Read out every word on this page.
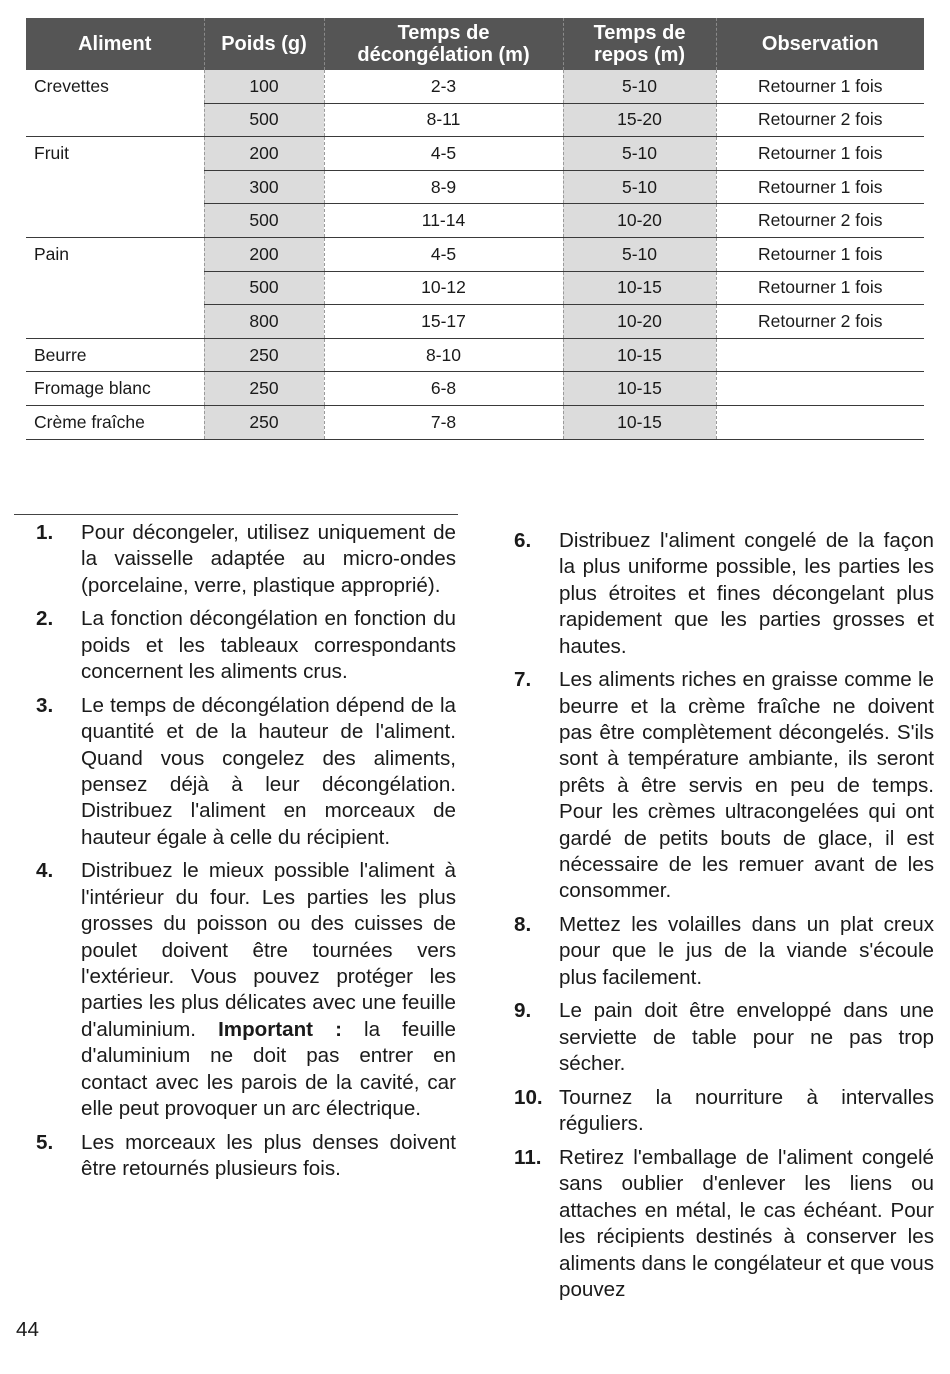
Aliment	Poids (g)	Temps de décongélation (m)	Temps de repos (m)	Observation
Crevettes	100	2-3	5-10	Retourner 1 fois
	500	8-11	15-20	Retourner 2 fois
Fruit	200	4-5	5-10	Retourner 1 fois
	300	8-9	5-10	Retourner 1 fois
	500	11-14	10-20	Retourner 2 fois
Pain	200	4-5	5-10	Retourner 1 fois
	500	10-12	10-15	Retourner 1 fois
	800	15-17	10-20	Retourner 2 fois
Beurre	250	8-10	10-15	
Fromage blanc	250	6-8	10-15	
Crème fraîche	250	7-8	10-15	
1.	Pour décongeler, utilisez uniquement de la vaisselle adaptée au micro-ondes (porcelaine, verre, plastique approprié).
2.	La fonction décongélation en fonction du poids et les tableaux correspondants concernent les aliments crus.
3.	Le temps de décongélation dépend de la quantité et de la hauteur de l'aliment. Quand vous congelez des aliments, pensez déjà à leur décongélation. Distribuez l'aliment en morceaux de hauteur égale à celle du récipient.
4.	Distribuez le mieux possible l'aliment à l'intérieur du four. Les parties les plus grosses du poisson ou des cuisses de poulet doivent être tournées vers l'extérieur. Vous pouvez protéger les parties les plus délicates avec une feuille d'aluminium. Important : la feuille d'aluminium ne doit pas entrer en contact avec les parois de la cavité, car elle peut provoquer un arc électrique.
5.	Les morceaux les plus denses doivent être retournés plusieurs fois.
6.	Distribuez l'aliment congelé de la façon la plus uniforme possible, les parties les plus étroites et fines décongelant plus rapidement que les parties grosses et hautes.
7.	Les aliments riches en graisse comme le beurre et la crème fraîche ne doivent pas être complètement décongelés. S'ils sont à température ambiante, ils seront prêts à être servis en peu de temps. Pour les crèmes ultracongelées qui ont gardé de petits bouts de glace, il est nécessaire de les remuer avant de les consommer.
8.	Mettez les volailles dans un plat creux pour que le jus de la viande s'écoule plus facilement.
9.	Le pain doit être enveloppé dans une serviette de table pour ne pas trop sécher.
10. Tournez la nourriture à intervalles réguliers.
11. Retirez l'emballage de l'aliment congelé sans oublier d'enlever les liens ou attaches en métal, le cas échéant. Pour les récipients destinés à conserver les aliments dans le congélateur et que vous pouvez
44
